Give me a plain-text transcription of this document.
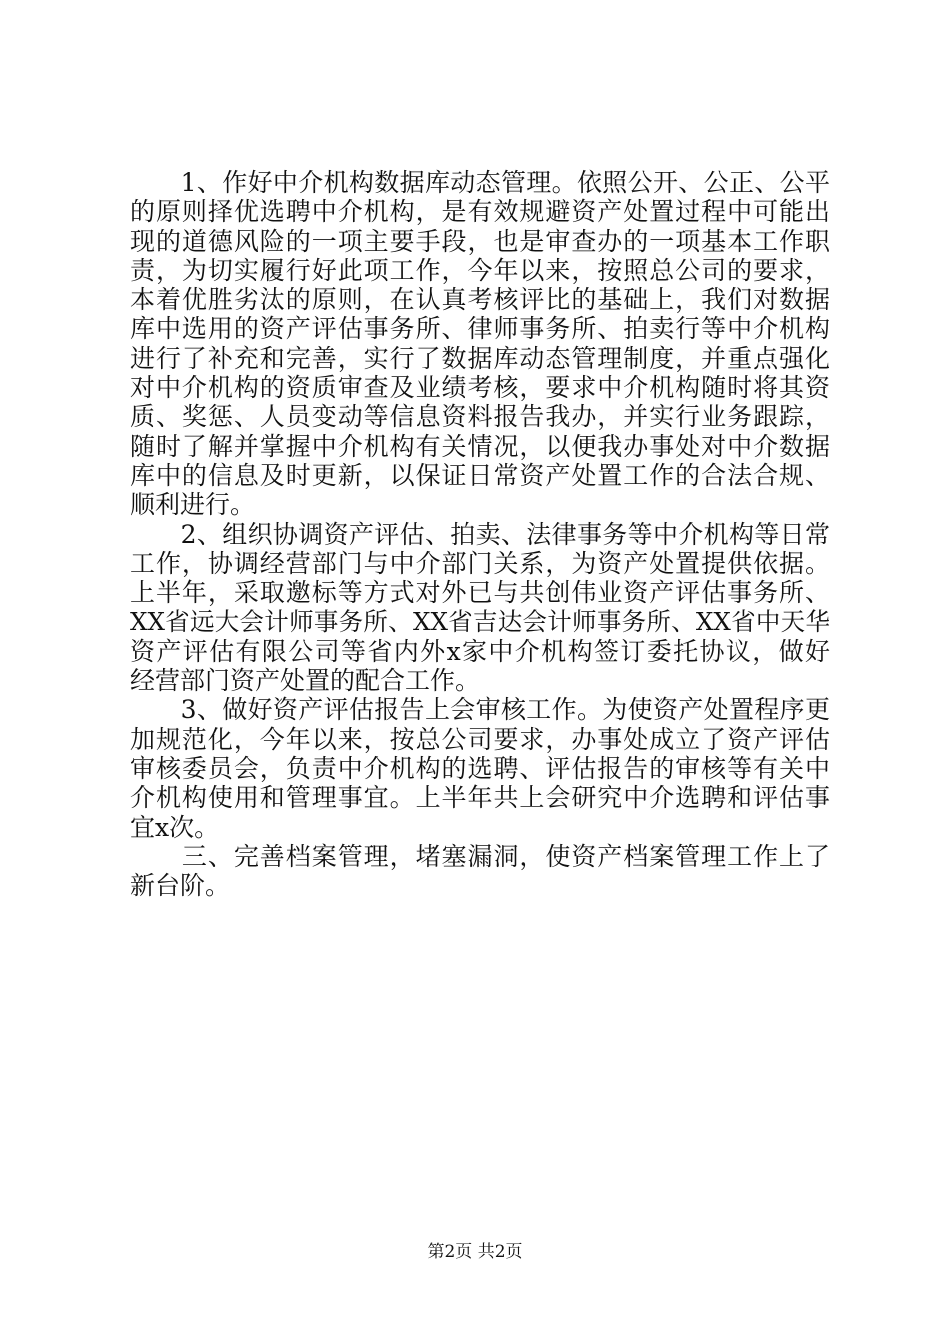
　　1、作好中介机构数据库动态管理。依照公开、公正、公平
的原则择优选聘中介机构，是有效规避资产处置过程中可能出
现的道德风险的一项主要手段，也是审查办的一项基本工作职
责，为切实履行好此项工作，今年以来，按照总公司的要求，
本着优胜劣汰的原则，在认真考核评比的基础上，我们对数据
库中选用的资产评估事务所、律师事务所、拍卖行等中介机构
进行了补充和完善，实行了数据库动态管理制度，并重点强化
对中介机构的资质审查及业绩考核，要求中介机构随时将其资
质、奖惩、人员变动等信息资料报告我办，并实行业务跟踪，
随时了解并掌握中介机构有关情况，以便我办事处对中介数据
库中的信息及时更新，以保证日常资产处置工作的合法合规、
顺利进行。
　　2、组织协调资产评估、拍卖、法律事务等中介机构等日常
工作，协调经营部门与中介部门关系，为资产处置提供依据。
上半年，采取邀标等方式对外已与共创伟业资产评估事务所、
XX省远大会计师事务所、XX省吉达会计师事务所、XX省中天华
资产评估有限公司等省内外x家中介机构签订委托协议，做好
经营部门资产处置的配合工作。
　　3、做好资产评估报告上会审核工作。为使资产处置程序更
加规范化，今年以来，按总公司要求，办事处成立了资产评估
审核委员会，负责中介机构的选聘、评估报告的审核等有关中
介机构使用和管理事宜。上半年共上会研究中介选聘和评估事
宜x次。
　　三、完善档案管理，堵塞漏洞，使资产档案管理工作上了
新台阶。
第2页 共2页
